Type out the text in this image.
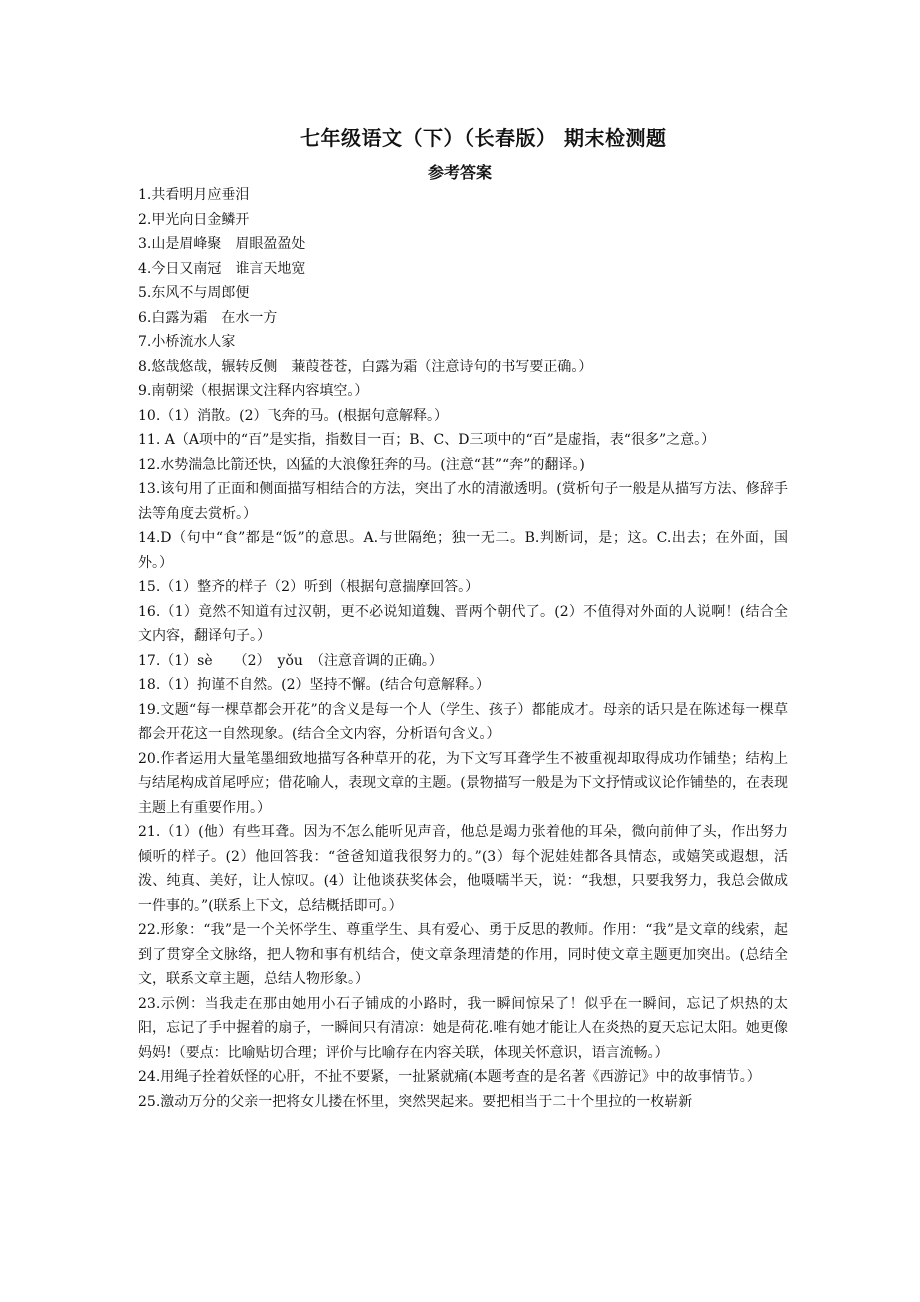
七年级语文（下）（长春版） 期末检测题
参考答案

1.共看明月应垂泪

2.甲光向日金鳞开

3.山是眉峰聚　眉眼盈盈处

4.今日又南冠　谁言天地宽

5.东风不与周郎便

6.白露为霜　在水一方

7.小桥流水人家

8.悠哉悠哉，辗转反侧　蒹葭苍苍，白露为霜（注意诗句的书写要正确。）

9.南朝梁（根据课文注释内容填空。）

10.（1）消散。(2）飞奔的马。(根据句意解释。）

11. A（A项中的“百”是实指，指数目一百；B、C、D三项中的“百”是虚指，表“很多”之意。）

12.水势湍急比箭还快，凶猛的大浪像狂奔的马。(注意“甚”“奔”的翻译。)

13.该句用了正面和侧面描写相结合的方法，突出了水的清澈透明。(赏析句子一般是从描写方法、修辞手法等角度去赏析。）

14.D（句中“食”都是“饭”的意思。A.与世隔绝；独一无二。B.判断词，是；这。C.出去；在外面，国外。）

15.（1）整齐的样子（2）听到（根据句意揣摩回答。）

16.（1）竟然不知道有过汉朝，更不必说知道魏、晋两个朝代了。(2）不值得对外面的人说啊！(结合全文内容，翻译句子。）

17.（1）sè　　（2）　yǒu　（注意音调的正确。）

18.（1）拘谨不自然。(2）坚持不懈。(结合句意解释。）

19.文题“每一棵草都会开花”的含义是每一个人（学生、孩子）都能成才。母亲的话只是在陈述每一棵草都会开花这一自然现象。(结合全文内容，分析语句含义。）

20.作者运用大量笔墨细致地描写各种草开的花，为下文写耳聋学生不被重视却取得成功作铺垫；结构上与结尾构成首尾呼应；借花喻人，表现文章的主题。(景物描写一般是为下文抒情或议论作铺垫的，在表现主题上有重要作用。）

21.（1）(他）有些耳聋。因为不怎么能听见声音，他总是竭力张着他的耳朵，微向前伸了头，作出努力倾听的样子。(2）他回答我：“爸爸知道我很努力的。”(3）每个泥娃娃都各具情态，或嬉笑或遐想，活泼、纯真、美好，让人惊叹。(4）让他谈获奖体会，他嗫嚅半天，说：“我想，只要我努力，我总会做成一件事的。”(联系上下文，总结概括即可。）

22.形象：“我”是一个关怀学生、尊重学生、具有爱心、勇于反思的教师。作用：“我”是文章的线索，起到了贯穿全文脉络，把人物和事有机结合，使文章条理清楚的作用，同时使文章主题更加突出。(总结全文，联系文章主题，总结人物形象。）

23.示例：当我走在那由她用小石子铺成的小路时，我一瞬间惊呆了！似乎在一瞬间，忘记了炽热的太阳，忘记了手中握着的扇子，一瞬间只有清凉：她是荷花.唯有她才能让人在炎热的夏天忘记太阳。她更像妈妈!（要点：比喻贴切合理；评价与比喻存在内容关联，体现关怀意识，语言流畅。）

24.用绳子拴着妖怪的心肝，不扯不要紧，一扯紧就痛(本题考查的是名著《西游记》中的故事情节。）

25.激动万分的父亲一把将女儿搂在怀里，突然哭起来。要把相当于二十个里拉的一枚崭新
